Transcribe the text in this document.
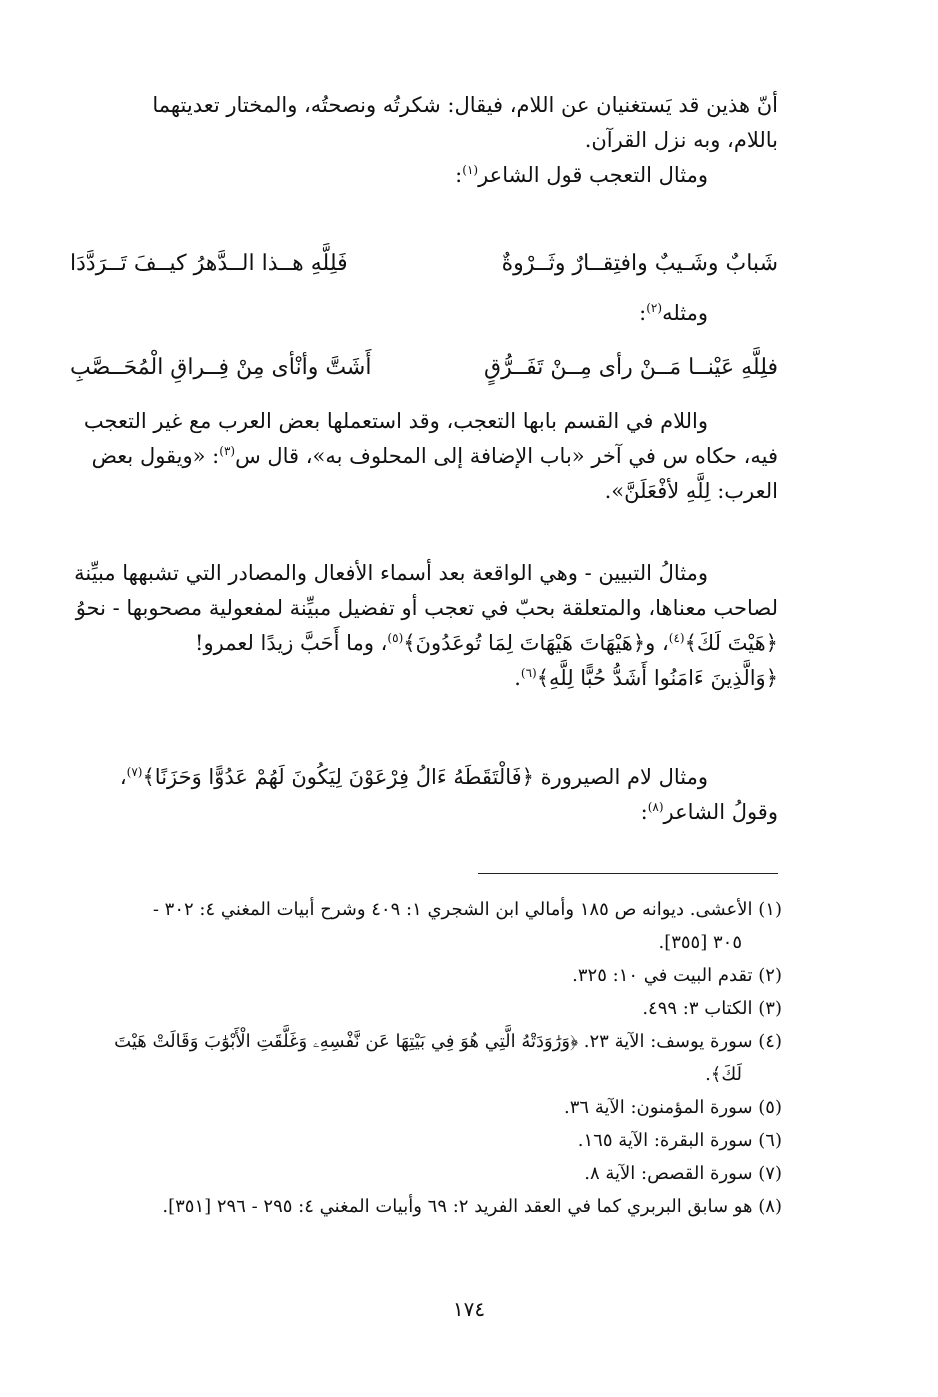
أنّ هذين قد يَستغنيان عن اللام، فيقال: شكرتُه ونصحتُه، والمختار تعديتهما
باللام، وبه نزل القرآن.
ومثال التعجب قول الشاعر$^{(١)}$:
شَبابٌ وشَـيبٌ وافتِقــارٌ وثَــرْوةٌ
فَلِلَّهِ هــذا الــدَّهرُ كيــفَ تَــرَدَّدَا
ومثله$^{(٢)}$:
فلِلَّهِ عَيْنــا مَــنْ رأى مِــنْ تَفَــرُّقٍ
أَشَتَّ وأنْأى مِنْ فِــراقِ الْمُحَــصَّبِ
واللام في القسم بابها التعجب، وقد استعملها بعض العرب مع غير التعجب
فيه، حكاه س في آخر «باب الإضافة إلى المحلوف به»، قال س$^{(٣)}$: «ويقول بعض
العرب: لِلَّهِ لأفْعَلَنَّ».
ومثالُ التبيين - وهي الواقعة بعد أسماء الأفعال والمصادر التي تشبهها مبيِّنة
لصاحب معناها، والمتعلقة بحبّ في تعجب أو تفضيل مبيِّنة لمفعولية مصحوبها - نحوُ
﴿هَيْتَ لَكَ﴾$^{(٤)}$، و﴿هَيْهَاتَ هَيْهَاتَ لِمَا تُوعَدُونَ﴾$^{(٥)}$، وما أَحَبَّ زيدًا لعمرو!
﴿وَالَّذِينَ ءَامَنُوا أَشَدُّ حُبًّا لِلَّهِ﴾$^{(٦)}$.
ومثال لام الصيرورة ﴿فَالْتَقَطَهُ ءَالُ فِرْعَوْنَ لِيَكُونَ لَهُمْ عَدُوًّا وَحَزَنًا﴾$^{(٧)}$،
وقولُ الشاعر$^{(٨)}$:

(١) الأعشى. ديوانه ص ١٨٥ وأمالي ابن الشجري ١: ٤٠٩ وشرح أبيات المغني ٤: ٣٠٢ -

٣٠٥ [٣٥٥].

(٢) تقدم البيت في ١٠: ٣٢٥.

(٣) الكتاب ٣: ٤٩٩.

(٤) سورة يوسف: الآية ٢٣. ﴿وَرَٰوَدَتْهُ الَّتِي هُوَ فِي بَيْتِهَا عَن نَّفْسِهِۦ وَغَلَّقَتِ الْأَبْوَٰبَ وَقَالَتْ هَيْتَ

لَكَ﴾.

(٥) سورة المؤمنون: الآية ٣٦.

(٦) سورة البقرة: الآية ١٦٥.

(٧) سورة القصص: الآية ٨.

(٨) هو سابق البربري كما في العقد الفريد ٢: ٦٩ وأبيات المغني ٤: ٢٩٥ - ٢٩٦ [٣٥١].

١٧٤
